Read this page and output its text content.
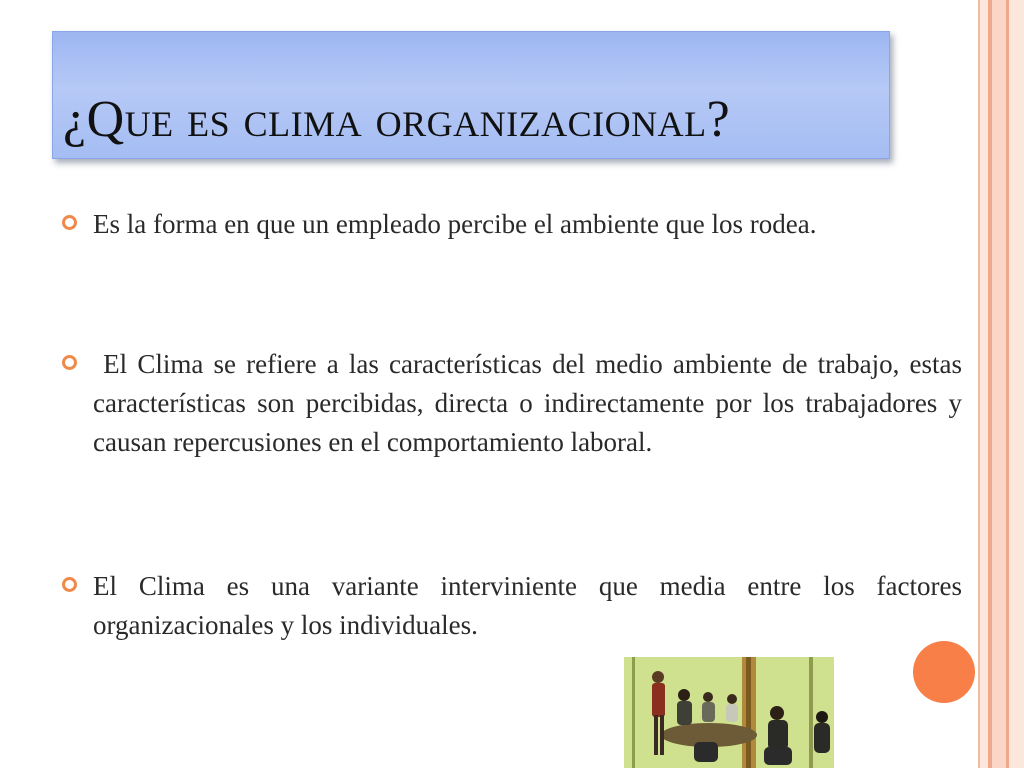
¿Que es clima organizacional?
Es la forma en que un empleado percibe el ambiente que los rodea.
El Clima se refiere a las características del medio ambiente de trabajo, estas características son percibidas, directa o indirectamente por los trabajadores y causan repercusiones en el comportamiento laboral.
El Clima es una variante interviniente que media entre los factores organizacionales y los individuales.
